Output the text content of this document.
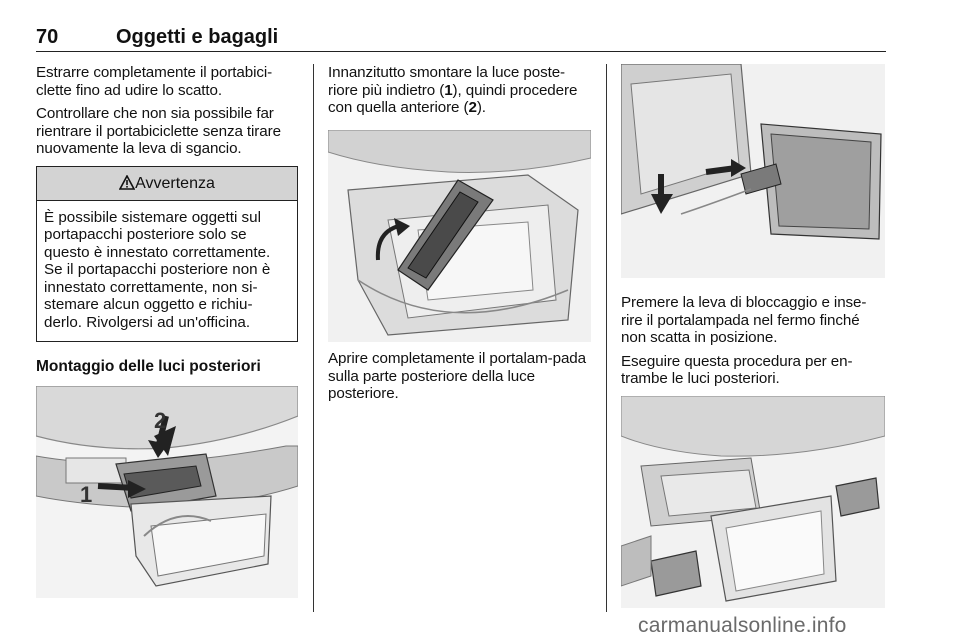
70	Oggetti e bagagli

Estrarre completamente il portabici-clette fino ad udire lo scatto.

Controllare che non sia possibile far rientrare il portabiciclette senza tirare nuovamente la leva di sgancio.

Avvertenza
È possibile sistemare oggetti sul portapacchi posteriore solo se questo è innestato correttamente. Se il portapacchi posteriore non è innestato correttamente, non si-stemare alcun oggetto e richiu-derlo. Rivolgersi ad un'officina.
Montaggio delle luci posteriori
1
2

Innanzitutto smontare la luce poste-riore più indietro (1), quindi procedere con quella anteriore (2).

Aprire completamente il portalam-pada sulla parte posteriore della luce posteriore.

Premere la leva di bloccaggio e inse-rire il portalampada nel fermo finché non scatta in posizione.

Eseguire questa procedura per en-trambe le luci posteriori.

carmanualsonline.info
